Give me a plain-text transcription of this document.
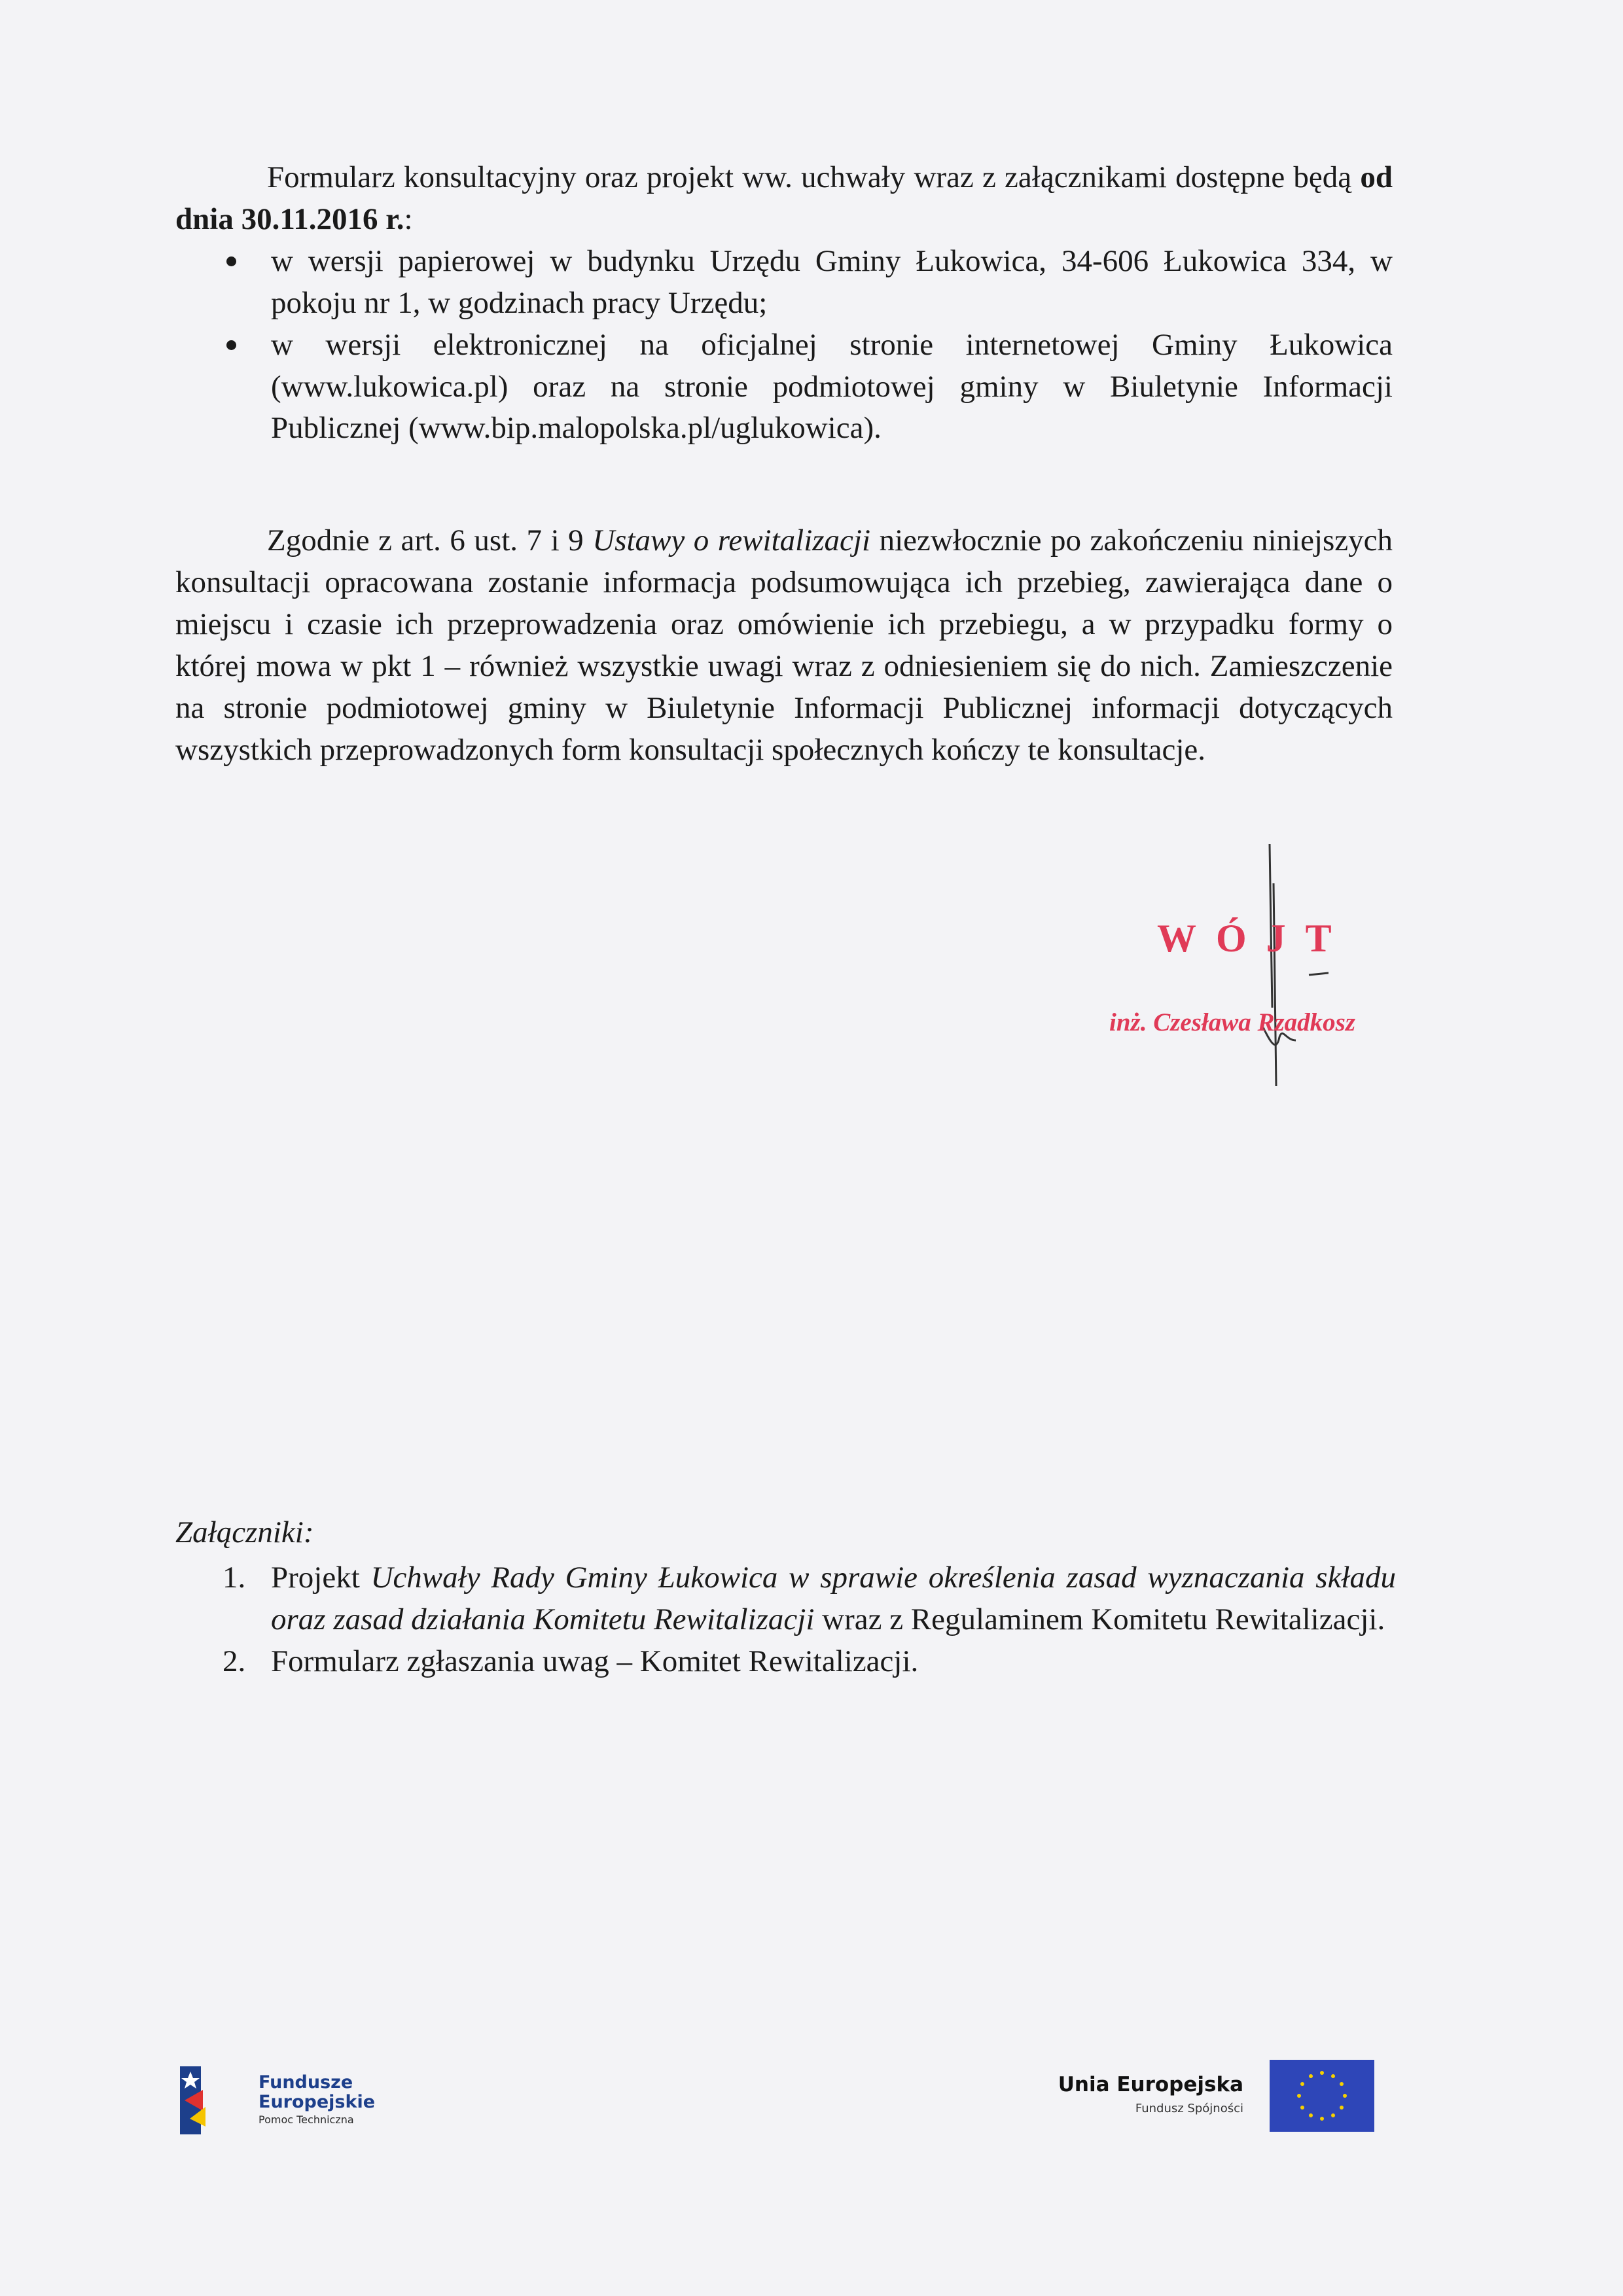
Formularz konsultacyjny oraz projekt ww. uchwały wraz z załącznikami dostępne będą od dnia 30.11.2016 r.:

w wersji papierowej w budynku Urzędu Gminy Łukowica, 34-606 Łukowica 334, w pokoju nr 1, w godzinach pracy Urzędu;
w wersji elektronicznej na oficjalnej stronie internetowej Gminy Łukowica (www.lukowica.pl) oraz na stronie podmiotowej gminy w Biuletynie Informacji Publicznej (www.bip.malopolska.pl/uglukowica).

Zgodnie z art. 6 ust. 7 i 9 Ustawy o rewitalizacji niezwłocznie po zakończeniu niniejszych konsultacji opracowana zostanie informacja podsumowująca ich przebieg, zawierająca dane o miejscu i czasie ich przeprowadzenia oraz omówienie ich przebiegu, a w przypadku formy o której mowa w pkt 1 – również wszystkie uwagi wraz z odniesieniem się do nich. Zamieszczenie na stronie podmiotowej gminy w Biuletynie Informacji Publicznej informacji dotyczących wszystkich przeprowadzonych form konsultacji społecznych kończy te konsultacje.

WÓJT
inż. Czesława Rzadkosz
Załączniki:
1. Projekt Uchwały Rady Gminy Łukowica w sprawie określenia zasad wyznaczania składu oraz zasad działania Komitetu Rewitalizacji wraz z Regulaminem Komitetu Rewitalizacji.
2. Formularz zgłaszania uwag – Komitet Rewitalizacji.
Fundusze
Europejskie
Pomoc Techniczna
Unia Europejska
Fundusz Spójności
